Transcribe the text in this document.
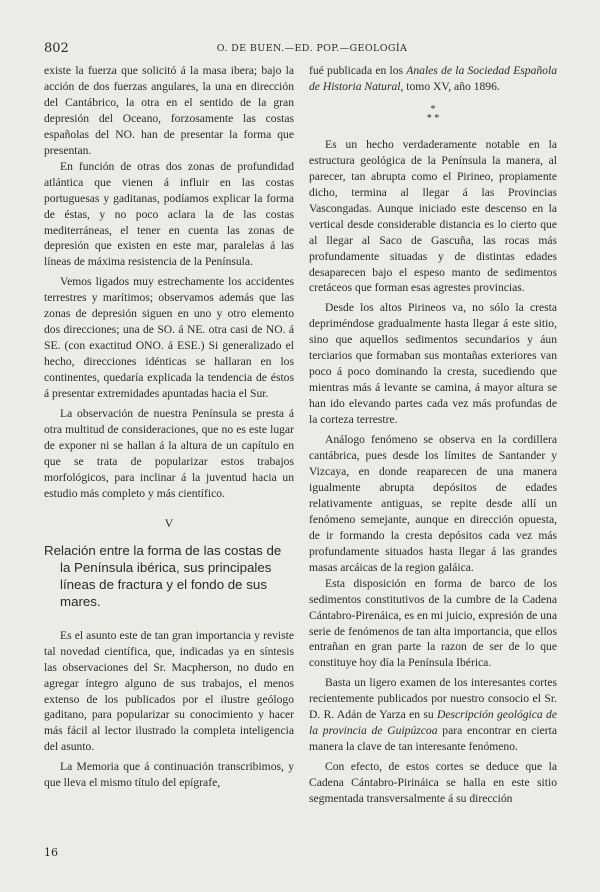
802	O. DE BUEN.—ED. POP.—GEOLOGÍA

existe la fuerza que solicitó á la masa ibera; bajo la acción de dos fuerzas angulares, la una en dirección del Cantábrico, la otra en el sentido de la gran depresión del Oceano, forzosamente las costas españolas del NO. han de presentar la forma que presentan.

En función de otras dos zonas de profundidad atlántica que vienen á influir en las costas portuguesas y gaditanas, podíamos explicar la forma de éstas, y no poco aclara la de las costas mediterráneas, el tener en cuenta las zonas de depresión que existen en este mar, paralelas á las líneas de máxima resistencia de la Península.

Vemos ligados muy estrechamente los accidentes terrestres y marítimos; observamos además que las zonas de depresión siguen en uno y otro elemento dos direcciones; una de SO. á NE. otra casi de NO. á SE. (con exactitud ONO. á ESE.) Si generalizado el hecho, direcciones idénticas se hallaran en los continentes, quedaría explicada la tendencia de éstos á presentar extremidades apuntadas hacia el Sur.

La observación de nuestra Península se presta á otra multitud de consideraciones, que no es este lugar de exponer ni se hallan á la altura de un capítulo en que se trata de popularizar estos trabajos morfológicos, para inclinar á la juventud hacia un estudio más completo y más científico.

V
Relación entre la forma de las costas de la Península ibérica, sus principales líneas de fractura y el fondo de sus mares.

Es el asunto este de tan gran importancia y reviste tal novedad científica, que, indicadas ya en síntesis las observaciones del Sr. Macpherson, no dudo en agregar íntegro alguno de sus trabajos, el menos extenso de los publicados por el ilustre geólogo gaditano, para popularizar su conocimiento y hacer más fácil al lector ilustrado la completa inteligencia del asunto.

La Memoria que á continuación transcribimos, y que lleva el mismo título del epígrafe,

fué publicada en los Anales de la Sociedad Española de Historia Natural, tomo XV, año 1896.

*
* *

Es un hecho verdaderamente notable en la estructura geológica de la Península la manera, al parecer, tan abrupta como el Pirineo, propiamente dicho, termina al llegar á las Provincias Vascongadas. Aunque iniciado este descenso en la vertical desde considerable distancia es lo cierto que al llegar al Saco de Gascuña, las rocas más profundamente situadas y de distintas edades desaparecen bajo el espeso manto de sedimentos cretáceos que forman esas agrestes provincias.

Desde los altos Pirineos va, no sólo la cresta depriméndose gradualmente hasta llegar á este sitio, sino que aquellos sedimentos secundarios y áun terciarios que formaban sus montañas exteriores van poco á poco dominando la cresta, sucediendo que mientras más á levante se camina, á mayor altura se han ido elevando partes cada vez más profundas de la corteza terrestre.

Análogo fenómeno se observa en la cordillera cantábrica, pues desde los límites de Santander y Vizcaya, en donde reaparecen de una manera igualmente abrupta depósitos de edades relativamente antiguas, se repite desde allí un fenómeno semejante, aunque en dirección opuesta, de ir formando la cresta depósitos cada vez más profundamente situados hasta llegar á las grandes masas arcáicas de la region galáica.

Esta disposición en forma de barco de los sedimentos constitutivos de la cumbre de la Cadena Cántabro-Pirenáica, es en mi juicio, expresión de una serie de fenómenos de tan alta importancia, que ellos entrañan en gran parte la razon de ser de lo que constituye hoy día la Península Ibérica.

Basta un ligero examen de los interesantes cortes recientemente publicados por nuestro consocio el Sr. D. R. Adán de Yarza en su Descripción geológica de la provincia de Guipúzcoa para encontrar en cierta manera la clave de tan interesante fenómeno.

Con efecto, de estos cortes se deduce que la Cadena Cántabro-Pirináica se halla en este sitio segmentada transversalmente á su dirección

16
